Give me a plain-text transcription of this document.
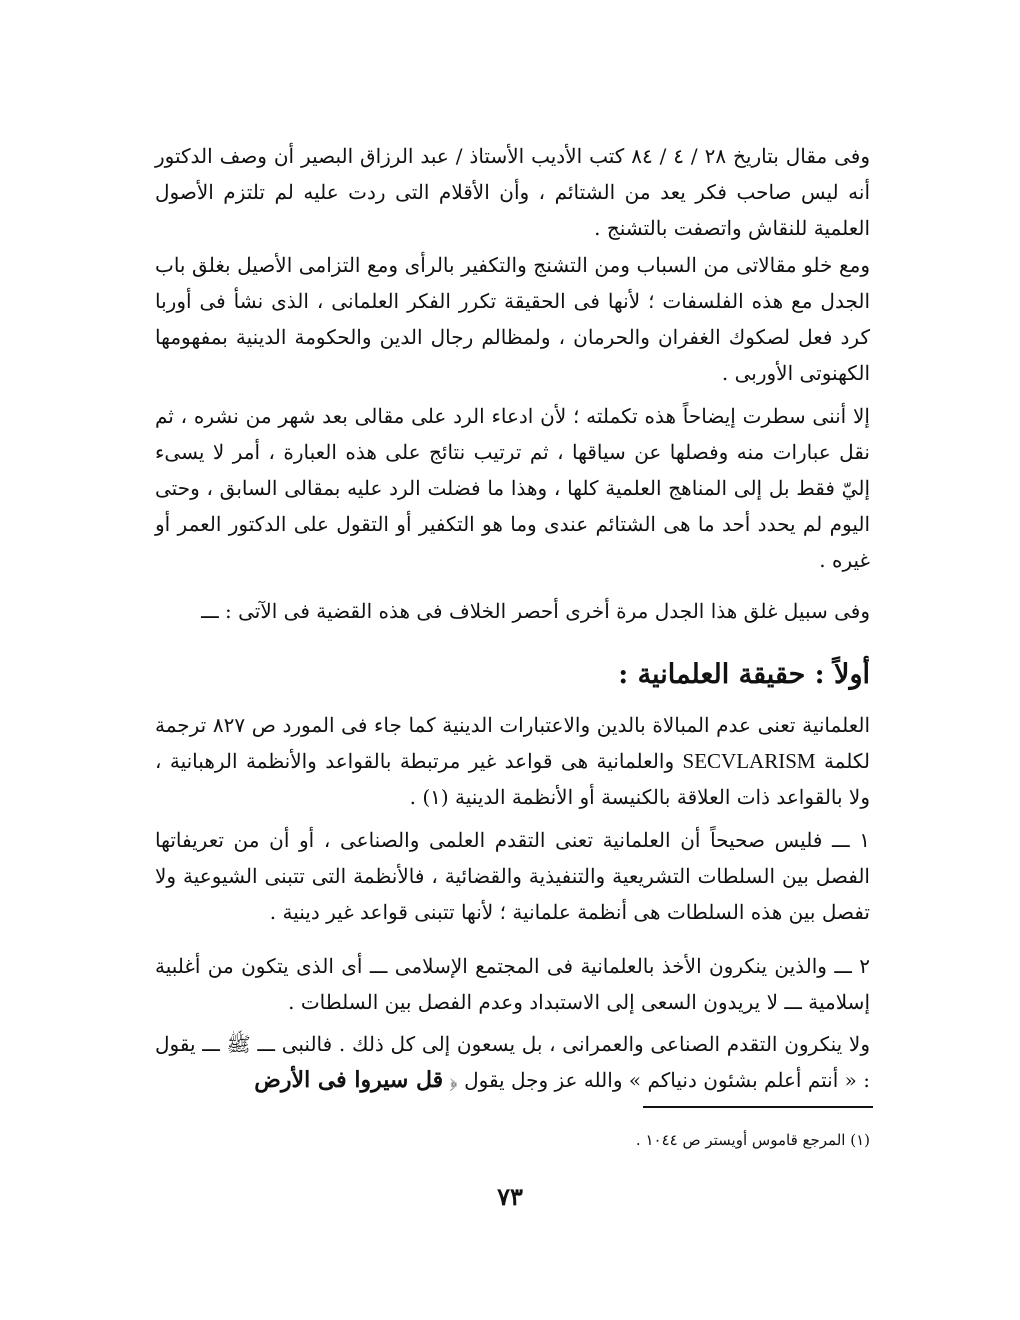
وفى مقال بتاريخ ٢٨ / ٤ / ٨٤ كتب الأديب الأستاذ / عبد الرزاق البصير أن وصف الدكتور أنه ليس صاحب فكر يعد من الشتائم ، وأن الأقلام التى ردت عليه لم تلتزم الأصول العلمية للنقاش واتصفت بالتشنج .

ومع خلو مقالاتى من السباب ومن التشنج والتكفير بالرأى ومع التزامى الأصيل بغلق باب الجدل مع هذه الفلسفات ؛ لأنها فى الحقيقة تكرر الفكر العلمانى ، الذى نشأ فى أوربا كرد فعل لصكوك الغفران والحرمان ، ولمظالم رجال الدين والحكومة الدينية بمفهومها الكهنوتى الأوربى .

إلا أننى سطرت إيضاحاً هذه تكملته ؛ لأن ادعاء الرد على مقالى بعد شهر من نشره ، ثم نقل عبارات منه وفصلها عن سياقها ، ثم ترتيب نتائج على هذه العبارة ، أمر لا يسىء إليّ فقط بل إلى المناهج العلمية كلها ، وهذا ما فضلت الرد عليه بمقالى السابق ، وحتى اليوم لم يحدد أحد ما هى الشتائم عندى وما هو التكفير أو التقول على الدكتور العمر أو غيره .

وفى سبيل غلق هذا الجدل مرة أخرى أحصر الخلاف فى هذه القضية فى الآتى : ـــ

أولاً : حقيقة العلمانية :

العلمانية تعنى عدم المبالاة بالدين والاعتبارات الدينية كما جاء فى المورد ص ٨٢٧ ترجمة لكلمة SECVLARISM والعلمانية هى قواعد غير مرتبطة بالقواعد والأنظمة الرهبانية ، ولا بالقواعد ذات العلاقة بالكنيسة أو الأنظمة الدينية (١) .

١ ـــ فليس صحيحاً أن العلمانية تعنى التقدم العلمى والصناعى ، أو أن من تعريفاتها الفصل بين السلطات التشريعية والتنفيذية والقضائية ، فالأنظمة التى تتبنى الشيوعية ولا تفصل بين هذه السلطات هى أنظمة علمانية ؛ لأنها تتبنى قواعد غير دينية .

٢ ـــ والذين ينكرون الأخذ بالعلمانية فى المجتمع الإسلامى ـــ أى الذى يتكون من أغلبية إسلامية ـــ لا يريدون السعى إلى الاستبداد وعدم الفصل بين السلطات .

ولا ينكرون التقدم الصناعى والعمرانى ، بل يسعون إلى كل ذلك . فالنبى ـــ ﷺ ـــ يقول : « أنتم أعلم بشئون دنياكم » والله عز وجل يقول ﴿ قل سيروا فى الأرض

(١) المرجع قاموس أويستر ص ١٠٤٤ .
٧٣
